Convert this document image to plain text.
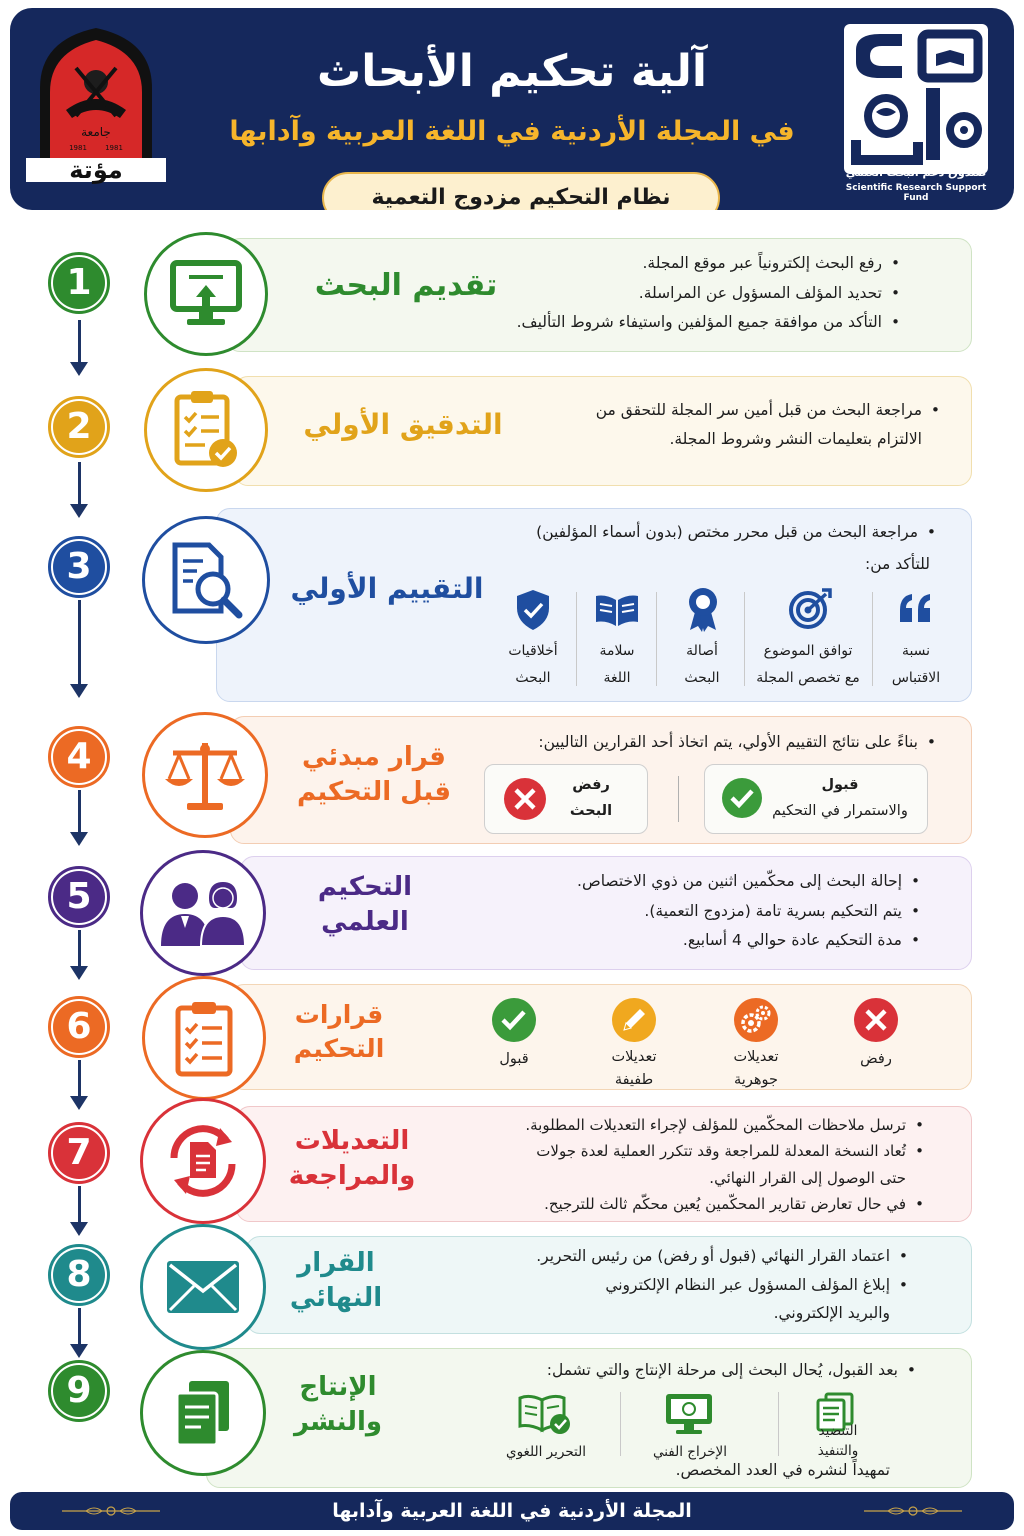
آلية تحكيم الأبحاث
في المجلة الأردنية في اللغة العربية وآدابها
نظام التحكيم مزدوج التعمية
جامعة
1981	1981
مؤتة	صندوق دعم البحث العلمي
Scientific Research Support Fund
1	تقديم البحث
• رفع البحث إلكترونياً عبر موقع المجلة.
• تحديد المؤلف المسؤول عن المراسلة.
• التأكد من موافقة جميع المؤلفين واستيفاء شروط التأليف.
2	التدقيق الأولي	•
مراجعة البحث من قبل أمين سر المجلة للتحقق من
الالتزام بتعليمات النشر وشروط المجلة.
3
التقييم الأولي
•
مراجعة البحث من قبل محرر مختص (بدون أسماء المؤلفين)
للتأكد من:
نسبة
الاقتباس
توافق الموضوع
مع تخصص المجلة
أصالة
البحث
سلامة
اللغة
أخلاقيات
البحث
4	قرار مبدئي
قبل التحكيم
•
بناءً على نتائج التقييم الأولي، يتم اتخاذ أحد القرارين التاليين:
قبول
والاستمرار في التحكيم
رفض
البحث
5	التحكيم
العلمي
• إحالة البحث إلى محكّمين اثنين من ذوي الاختصاص.
• يتم التحكيم بسرية تامة (مزدوج التعمية).
• مدة التحكيم عادة حوالي 4 أسابيع.
6	قرارات
التحكيم	رفض
تعديلات
جوهرية
تعديلات
طفيفة
قبول
7	التعديلات
والمراجعة
•
ترسل ملاحظات المحكّمين للمؤلف لإجراء التعديلات المطلوبة.
•
تُعاد النسخة المعدلة للمراجعة وقد تتكرر العملية لعدة جولات
حتى الوصول إلى القرار النهائي.
•
في حال تعارض تقارير المحكّمين يُعين محكّم ثالث للترجيح.
8	القرار
النهائي
•
اعتماد القرار النهائي (قبول أو رفض) من رئيس التحرير.
•
إبلاغ المؤلف المسؤول عبر النظام الإلكتروني
والبريد الإلكتروني.
9	الإنتاج
والنشر
•
بعد القبول، يُحال البحث إلى مرحلة الإنتاج والتي تشمل:
التنضيد
والتنفيذ
الإخراج الفني
التحرير اللغوي
تمهيداً لنشره في العدد المخصص.
المجلة الأردنية في اللغة العربية وآدابها
